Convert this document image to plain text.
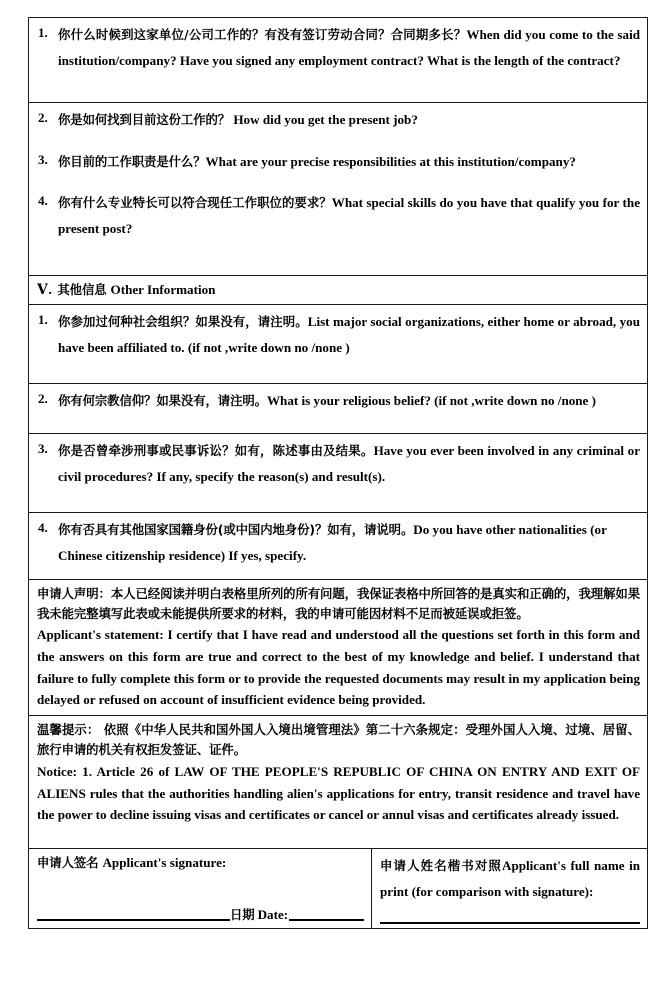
1. 你什么时候到这家单位/公司工作的？有没有签订劳动合同？合同期多长？When did you come to the said institution/company? Have you signed any employment contract? What is the length of the contract?

2. 你是如何找到目前这份工作的？ How did you get the present job?

3. 你目前的工作职责是什么？What are your precise responsibilities at this institution/company?

4. 你有什么专业特长可以符合现任工作职位的要求？What special skills do you have that qualify you for the present post?

Ⅴ. 其他信息 Other Information

1. 你参加过何种社会组织？如果没有，请注明。List major social organizations, either home or abroad, you have been affiliated to. (if not ,write down no /none )

2. 你有何宗教信仰？如果没有，请注明。What is your religious belief? (if not ,write down no /none )

3. 你是否曾牵涉刑事或民事诉讼？如有，陈述事由及结果。Have you ever been involved in any criminal or civil procedures? If any, specify the reason(s) and result(s).

4. 你有否具有其他国家国籍身份(或中国内地身份)？如有，请说明。Do you have other nationalities (or Chinese citizenship residence) If yes, specify.

申请人声明：本人已经阅读并明白表格里所列的所有问题，我保证表格中所回答的是真实和正确的，我理解如果我未能完整填写此表或未能提供所要求的材料，我的申请可能因材料不足而被延误或拒签。

Applicant's statement: I certify that I have read and understood all the questions set forth in this form and the answers on this form are true and correct to the best of my knowledge and belief. I understand that failure to fully complete this form or to provide the requested documents may result in my application being delayed or refused on account of insufficient evidence being provided.

温馨提示： 依照《中华人民共和国外国人入境出境管理法》第二十六条规定：受理外国人入境、过境、居留、旅行申请的机关有权拒发签证、证件。

Notice: 1. Article 26 of LAW OF THE PEOPLE'S REPUBLIC OF CHINA ON ENTRY AND EXIT OF ALIENS rules that the authorities handling alien's applications for entry, transit residence and travel have the power to decline issuing visas and certificates or cancel or annul visas and certificates already issued.

申请人签名 Applicant's signature:
日期 Date:

申请人姓名楷书对照Applicant's full name in print (for comparison with signature):
